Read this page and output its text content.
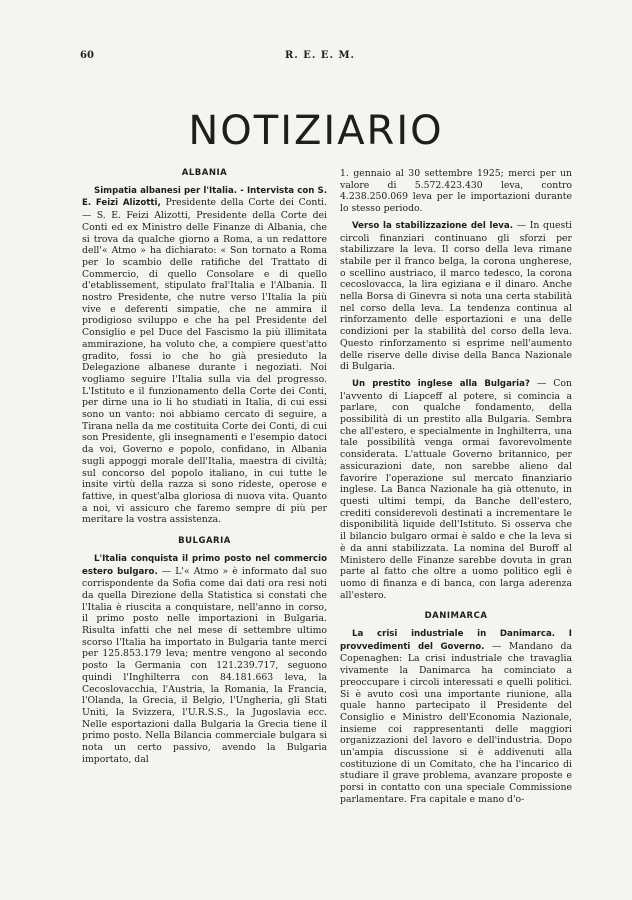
60	R. E. E. M.
NOTIZIARIO
ALBANIA

Simpatia albanesi per l'Italia. - Intervista con S. E. Feizi Alizotti, Presidente della Corte dei Conti. — S. E. Feizi Alizotti, Presidente della Corte dei Conti ed ex Ministro delle Finanze di Albania, che si trova da qualche giorno a Roma, a un redattore dell'« Atmo » ha dichiarato: « Son tornato a Roma per lo scambio delle ratifiche del Trattato di Commercio, di quello Consolare e di quello d'etablissement, stipulato fral'Italia e l'Albania. Il nostro Presidente, che nutre verso l'Italia la più vive e deferenti simpatie, che ne ammira il prodigioso sviluppo e che ha pel Presidente del Consiglio e pel Duce del Fascismo la più illimitata ammirazione, ha voluto che, a compiere quest'atto gradito, fossi io che ho già presieduto la Delegazione albanese durante i negoziati. Noi vogliamo seguire l'Italia sulla via del progresso. L'Istituto e il funzionamento della Corte dei Conti, per dirne una io li ho studiati in Italia, di cui essi sono un vanto: noi abbiamo cercato di seguire, a Tirana nella da me costituita Corte dei Conti, di cui son Presidente, gli insegnamenti e l'esempio datoci da voi, Governo e popolo, confidano, in Albania sugli appoggi morale dell'Italia, maestra di civiltà; sul concorso del popolo italiano, in cui tutte le insite virtù della razza si sono ridestе, operose e fattive, in quest'alba gloriosa di nuova vita. Quanto a noi, vi assicuro che faremo sempre di più per meritare la vostra assistenza.

BULGARIA

L'Italia conquista il primo posto nel commercio estero bulgaro. — L'« Atmo » è informato dal suo corrispondente da Sofia come dai dati ora resi noti da quella Direzione della Statistica si constati che l'Italia è riuscita a conquistare, nell'anno in corso, il primo posto nelle importazioni in Bulgaria. Risulta infatti che nel mese di settembre ultimo scorso l'Italia ha importato in Bulgaria tante merci per 125.853.179 leva; mentre vengono al secondo posto la Germania con 121.239.717, seguono quindi l'Inghilterra con 84.181.663 leva, la Cecoslovacchia, l'Austria, la Romania, la Francia, l'Olanda, la Grecia, il Belgio, l'Ungheria, gli Stati Uniti, la Svizzera, l'U.R.S.S., la Jugoslavia ecc. Nelle esportazioni dalla Bulgaria la Grecia tiene il primo posto. Nella Bilancia commerciale bulgara si nota un certo passivo, avendo la Bulgaria importato, dal

1. gennaio al 30 settembre 1925; merci per un valore di 5.572.423.430 leva, contro 4.238.250.069 leva per le importazioni durante lo stesso periodo.

Verso la stabilizzazione del leva. — In questi circoli finanziari continuano gli sforzi per stabilizzare la leva. Il corso della leva rimane stabile per il franco belga, la corona ungherese, o scellino austriaco, il marco tedesco, la corona cecoslovacca, la lira egiziana e il dinaro. Anche nella Borsa di Ginevra si nota una certa stabilità nel corso della leva. La tendenza continua al rinforzamento delle esportazioni e una delle condizioni per la stabilità del corso della leva. Questo rinforzamento si esprime nell'aumento delle riserve delle divise della Banca Nazionale di Bulgaria.

Un prestito inglese alla Bulgaria? — Con l'avvento di Liapceff al potere, si comincia a parlare, con qualche fondamento, della possibilità di un prestito alla Bulgaria. Sembra che all'estero, e specialmente in Inghilterra, una tale possibilità venga ormai favorevolmente considerata. L'attuale Governo britannico, per assicurazioni date, non sarebbe alieno dal favorire l'operazione sul mercato finanziario inglese. La Banca Nazionale ha già ottenuto, in questi ultimi tempi, da Banche dell'estero, crediti considerevoli destinati a incrementare le disponibilità liquide dell'Istituto. Si osserva che il bilancio bulgaro ormai è saldo e che la leva si è da anni stabilizzata. La nomina del Buroff al Ministero delle Finanze sarebbe dovuta in gran parte al fatto che oltre a uomo politico egli è uomo di finanza e di banca, con larga aderenza all'estero.

DANIMARCA

La crisi industriale in Danimarca. I provvedimenti del Governo. — Mandano da Copenaghen: La crisi industriale che travaglia vivamente la Danimarca ha cominciato a preoccupare i circoli interessati e quelli politici. Si è avuto così una importante riunione, alla quale hanno partecipato il Presidente del Consiglio e Ministro dell'Economia Nazionale, insieme coi rappresentanti delle maggiori organizzazioni del lavoro e dell'industria. Dopo un'ampia discussione si è addivenuti alla costituzione di un Comitato, che ha l'incarico di studiare il grave problema, avanzare proposte e porsi in contatto con una speciale Commissione parlamentare. Fra capitale e mano d'o-
